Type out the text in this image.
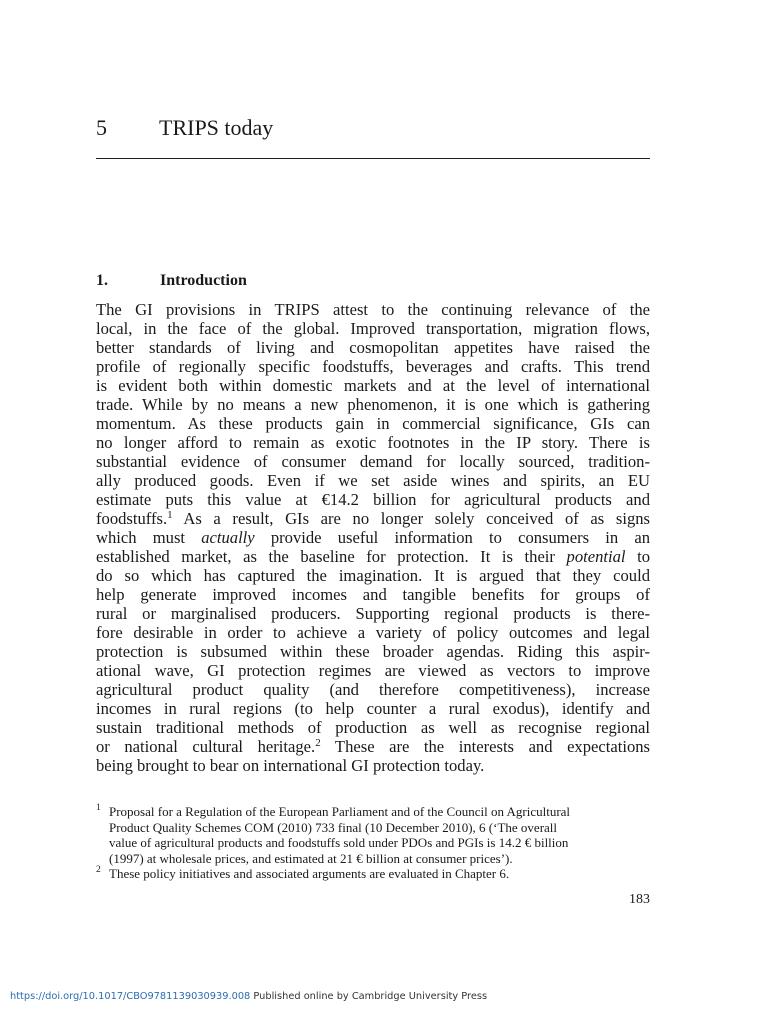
5 TRIPS today
1.	Introduction
The GI provisions in TRIPS attest to the continuing relevance of the
local, in the face of the global. Improved transportation, migration flows,
better standards of living and cosmopolitan appetites have raised the
profile of regionally specific foodstuffs, beverages and crafts. This trend
is evident both within domestic markets and at the level of international
trade. While by no means a new phenomenon, it is one which is gathering
momentum. As these products gain in commercial significance, GIs can
no longer afford to remain as exotic footnotes in the IP story. There is
substantial evidence of consumer demand for locally sourced, tradition-
ally produced goods. Even if we set aside wines and spirits, an EU
estimate puts this value at €14.2 billion for agricultural products and
foodstuffs.$^1$ As a result, GIs are no longer solely conceived of as signs
which must actually provide useful information to consumers in an
established market, as the baseline for protection. It is their potential to
do so which has captured the imagination. It is argued that they could
help generate improved incomes and tangible benefits for groups of
rural or marginalised producers. Supporting regional products is there-
fore desirable in order to achieve a variety of policy outcomes and legal
protection is subsumed within these broader agendas. Riding this aspir-
ational wave, GI protection regimes are viewed as vectors to improve
agricultural product quality (and therefore competitiveness), increase
incomes in rural regions (to help counter a rural exodus), identify and
sustain traditional methods of production as well as recognise regional
or national cultural heritage.$^2$ These are the interests and expectations
being brought to bear on international GI protection today.
1 Proposal for a Regulation of the European Parliament and of the Council on Agricultural
Product Quality Schemes COM (2010) 733 final (10 December 2010), 6 (‘The overall
value of agricultural products and foodstuffs sold under PDOs and PGIs is 14.2 € billion
(1997) at wholesale prices, and estimated at 21 € billion at consumer prices’).
2 These policy initiatives and associated arguments are evaluated in Chapter 6.
183
https://doi.org/10.1017/CBO9781139030939.008 Published online by Cambridge University Press
